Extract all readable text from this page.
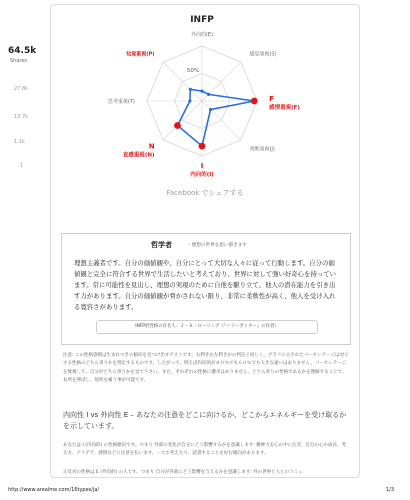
64.5k
Shares
27.8k
13.7k
1.1k
1
INFP
外向的(E)
感覚重視(S)
F
感情重視(F)
判断重視(J)
I
内向的(I)
N
直感重視(N)
思考重視(T)
知覚重視(P)
50%
Facebook でシェアする
哲学者	– 理想の世界を思い描きます
理想主義者です。自分の価値観や、自分にとって大切な人々に従って行動します。自分の価値観と完全に符合する世界で生活したいと考えており、世界に対して強い好奇心を持っています。常に可能性を見出し、理想の実現のために自他を駆り立て、他人の潜在能力を引き出す力があります。自分の価値観が脅かされない限り、非常に柔軟性が高く、他人を受け入れる寛容さがあります。
INFP的性格の有名人：Ｊ・Ｋ・ローリング（『ハリーポッター』の作者）
注意: この性格診断は生まれつきの傾向を見つけ出すテストです。右利きか左利きかの判定と同じく、グラフに示されたパーセンテージは対立する性格のどちら寄りかを判定するものです。したがって、例えば内向的が８０％でも６０％でも大きな違いはありません。パーセンテージを無視して、自分がどちら寄りかを見て下さい。また、それぞれの性格に優劣はありません。どちら寄りの性格であるかを理解することで、長所を伸ばし、短所を補う事が可能です。
内向性 I vs 外向性 E – あなたの注意をどこに向けるか、どこからエネルギーを受け取るかを示しています。
あなたは I (内向的) の性格傾向です。つまり 外部の変化が自分にどう影響するかを意識します: 精神力を心の中に注ぎ、自分の心の成長、考え方、アイデア、感情などに注意を払います。一人で考えたり、読書することを好む傾向があります。
正反対の性格は E (外向的) の人です。つまり 自分が外部にどう影響を与えるかを意識します: 外の世界と人とのコミュ
http://www.arealme.com/16types/ja/	1/3
